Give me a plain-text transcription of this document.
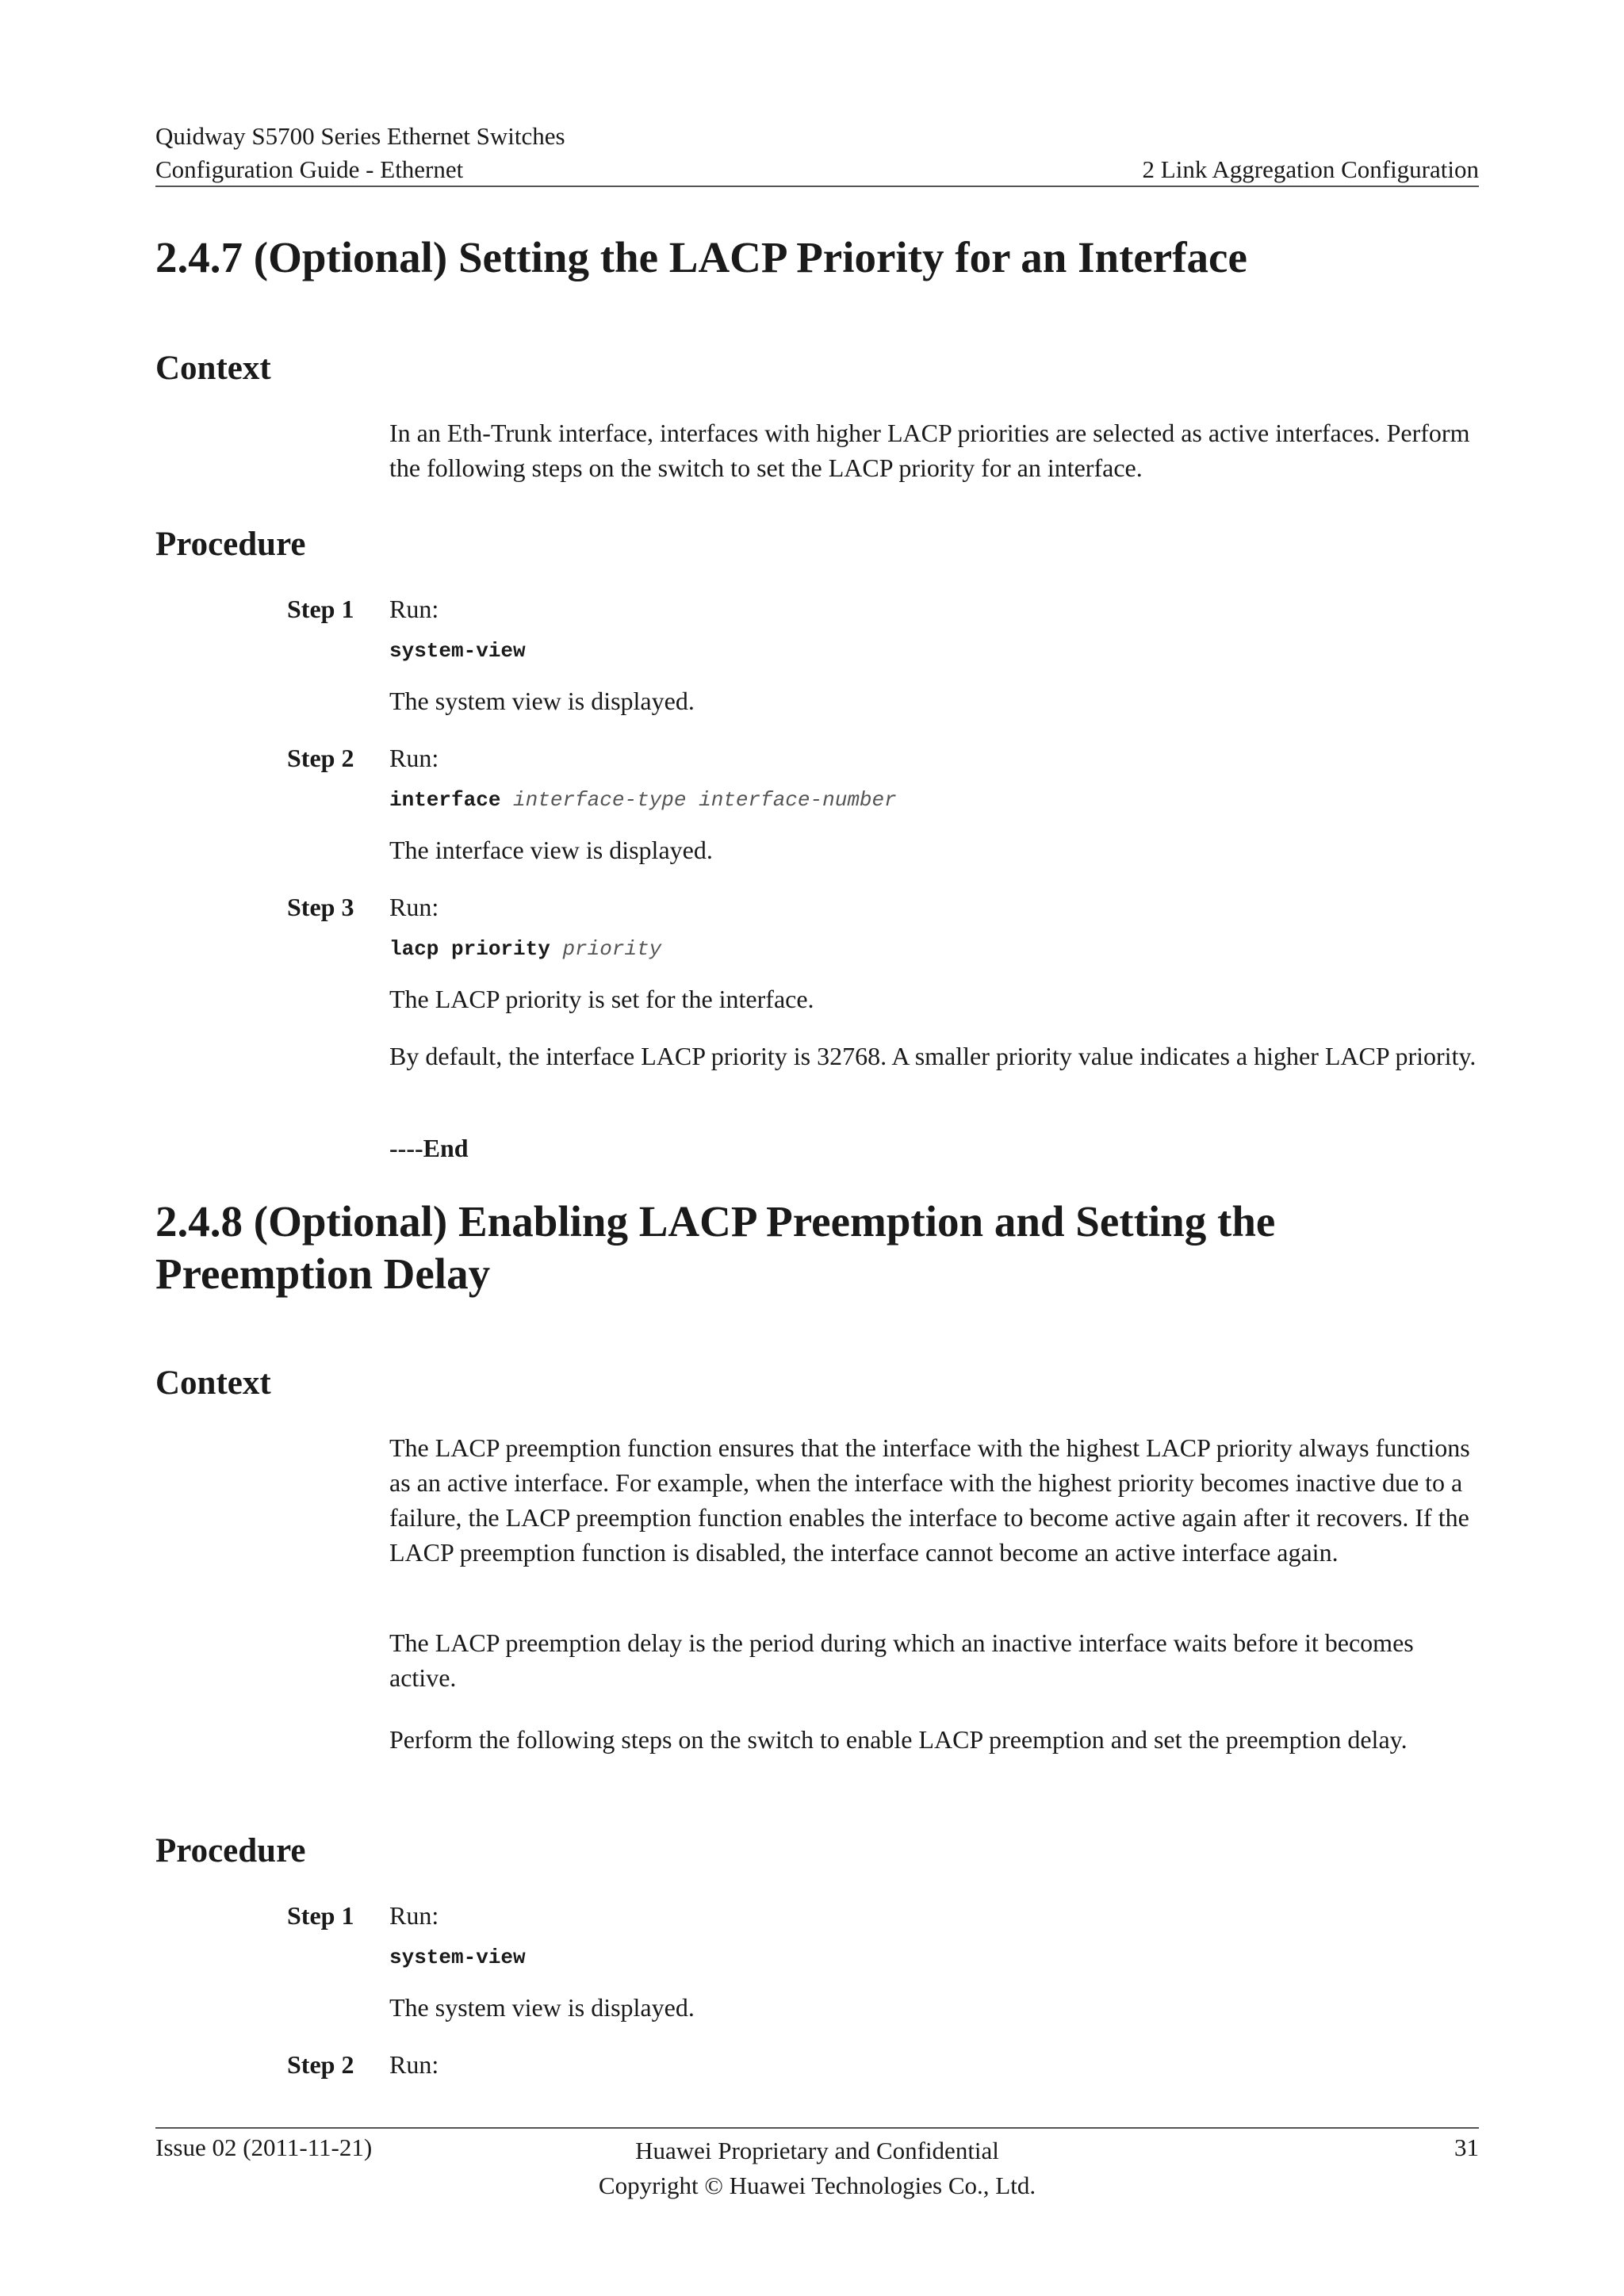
Quidway S5700 Series Ethernet Switches
Configuration Guide - Ethernet	2 Link Aggregation Configuration
2.4.7 (Optional) Setting the LACP Priority for an Interface
Context

In an Eth-Trunk interface, interfaces with higher LACP priorities are selected as active interfaces. Perform the following steps on the switch to set the LACP priority for an interface.

Procedure
Step 1 Run:
system-view
The system view is displayed.
Step 2 Run:
interface interface-type interface-number
The interface view is displayed.
Step 3 Run:
lacp priority priority
The LACP priority is set for the interface.

By default, the interface LACP priority is 32768. A smaller priority value indicates a higher LACP priority.

----End
2.4.8 (Optional) Enabling LACP Preemption and Setting the
Preemption Delay
Context

The LACP preemption function ensures that the interface with the highest LACP priority always functions as an active interface. For example, when the interface with the highest priority becomes inactive due to a failure, the LACP preemption function enables the interface to become active again after it recovers. If the LACP preemption function is disabled, the interface cannot become an active interface again.

The LACP preemption delay is the period during which an inactive interface waits before it becomes active.

Perform the following steps on the switch to enable LACP preemption and set the preemption delay.

Procedure
Step 1 Run:
system-view
The system view is displayed.
Step 2 Run:
Issue 02 (2011-11-21)	Huawei Proprietary and Confidential
Copyright © Huawei Technologies Co., Ltd.
31
